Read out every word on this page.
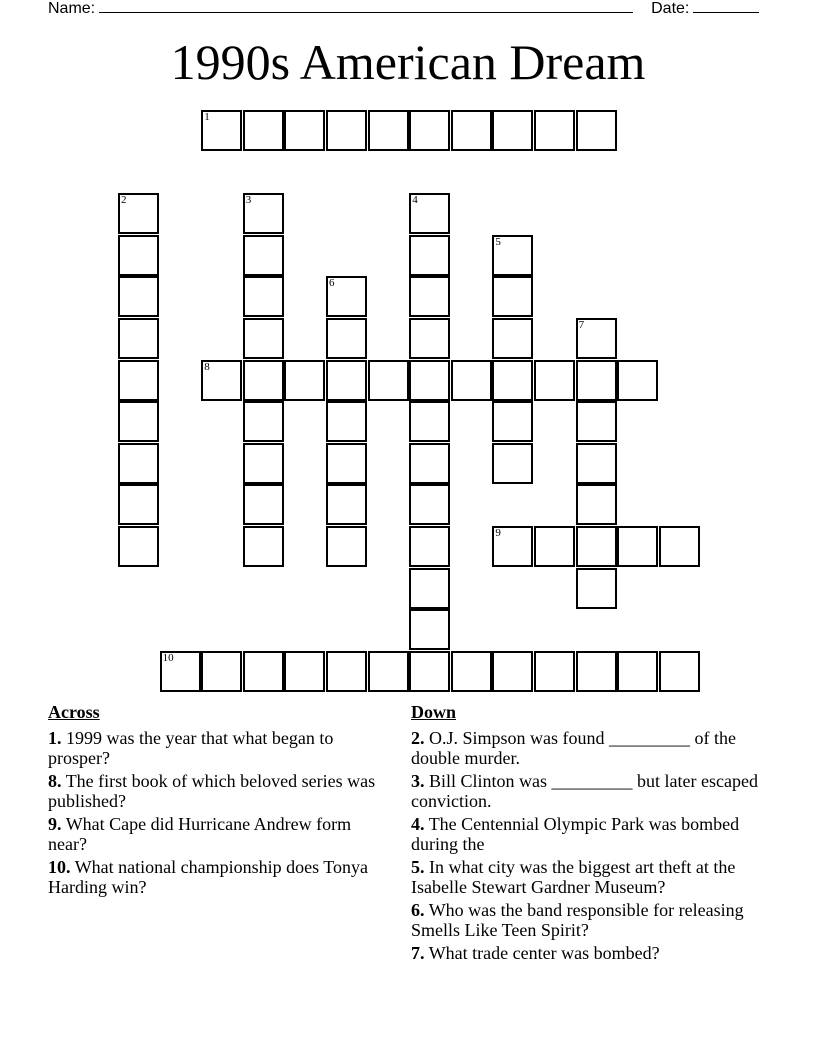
Name:	Date:
1990s American Dream
1
2	3	4
5
6
7
8
9
10
Across
1. 1999 was the year that what began to prosper?
8. The first book of which beloved series was published?
9. What Cape did Hurricane Andrew form near?
10. What national championship does Tonya Harding win?
Down
2. O.J. Simpson was found _________ of the double murder.
3. Bill Clinton was _________ but later escaped conviction.
4. The Centennial Olympic Park was bombed during the
5. In what city was the biggest art theft at the Isabelle Stewart Gardner Museum?
6. Who was the band responsible for releasing Smells Like Teen Spirit?
7. What trade center was bombed?
